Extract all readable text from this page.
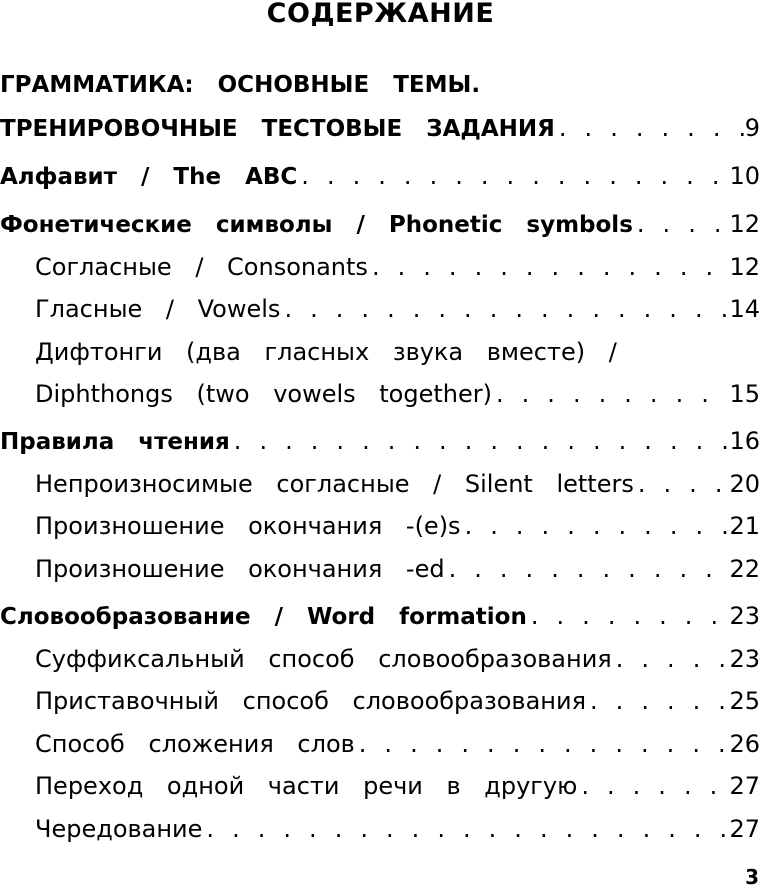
СОДЕРЖАНИЕ
ГРАММАТИКА: ОСНОВНЫЕ ТЕМЫ.
ТРЕНИРОВОЧНЫЕ ТЕСТОВЫЕ ЗАДАНИЯ . . .	9
Алфавит / The ABC . . .	10
Фонетические символы / Phonetic symbols . . .	12
Согласные / Consonants . . .	12
Гласные / Vowels . . .	14
Дифтонги (два гласных звука вместе) /
Diphthongs (two vowels together) . . .	15
Правила чтения . . .	16
Непроизносимые согласные / Silent letters . . .	20
Произношение окончания -(e)s . . .	21
Произношение окончания -ed . . .	22
Словообразование / Word formation . . .	23
Суффиксальный способ словообразования . . .	23
Приставочный способ словообразования . . .	25
Способ сложения слов . . .	26
Переход одной части речи в другую . . .	27
Чередование . . .	27
3
